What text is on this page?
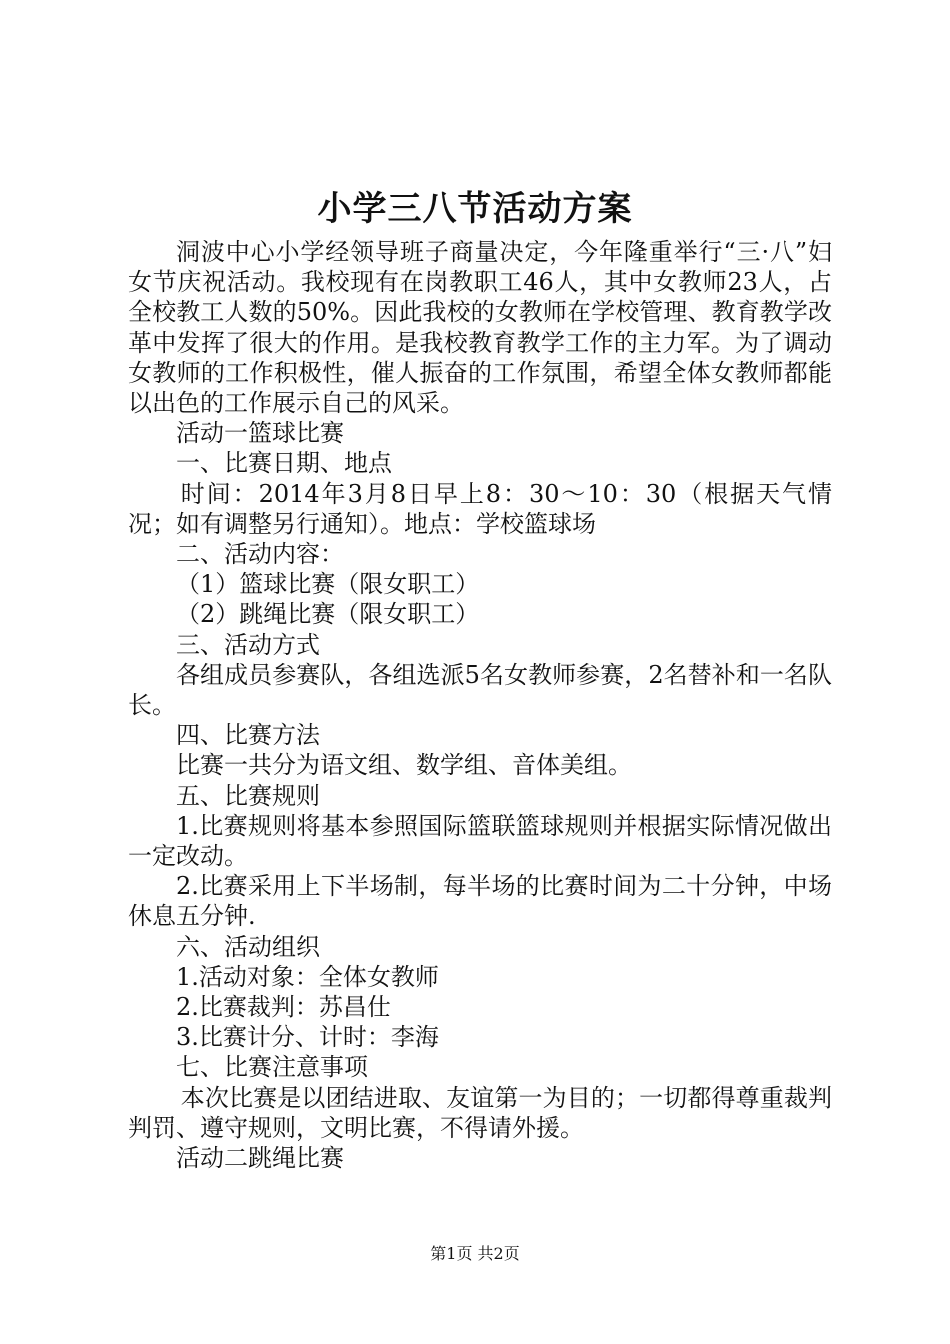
小学三八节活动方案

洞波中心小学经领导班子商量决定，今年隆重举行“三·八”妇女节庆祝活动。我校现有在岗教职工46人，其中女教师23人，占全校教工人数的50%。因此我校的女教师在学校管理、教育教学改革中发挥了很大的作用。是我校教育教学工作的主力军。为了调动女教师的工作积极性，催人振奋的工作氛围，希望全体女教师都能以出色的工作展示自己的风采。

活动一篮球比赛

一、比赛日期、地点

时间：2014年3月8日早上8：30～10：30（根据天气情况；如有调整另行通知）。地点：学校篮球场

二、活动内容：

（1）篮球比赛（限女职工）

（2）跳绳比赛（限女职工）

三、活动方式

各组成员参赛队，各组选派5名女教师参赛，2名替补和一名队长。

四、比赛方法

比赛一共分为语文组、数学组、音体美组。

五、比赛规则

1.比赛规则将基本参照国际篮联篮球规则并根据实际情况做出一定改动。

2.比赛采用上下半场制，每半场的比赛时间为二十分钟，中场休息五分钟.

六、活动组织

1.活动对象：全体女教师

2.比赛裁判：苏昌仕

3.比赛计分、计时：李海

七、比赛注意事项

本次比赛是以团结进取、友谊第一为目的；一切都得尊重裁判判罚、遵守规则，文明比赛，不得请外援。

活动二跳绳比赛

第1页 共2页
